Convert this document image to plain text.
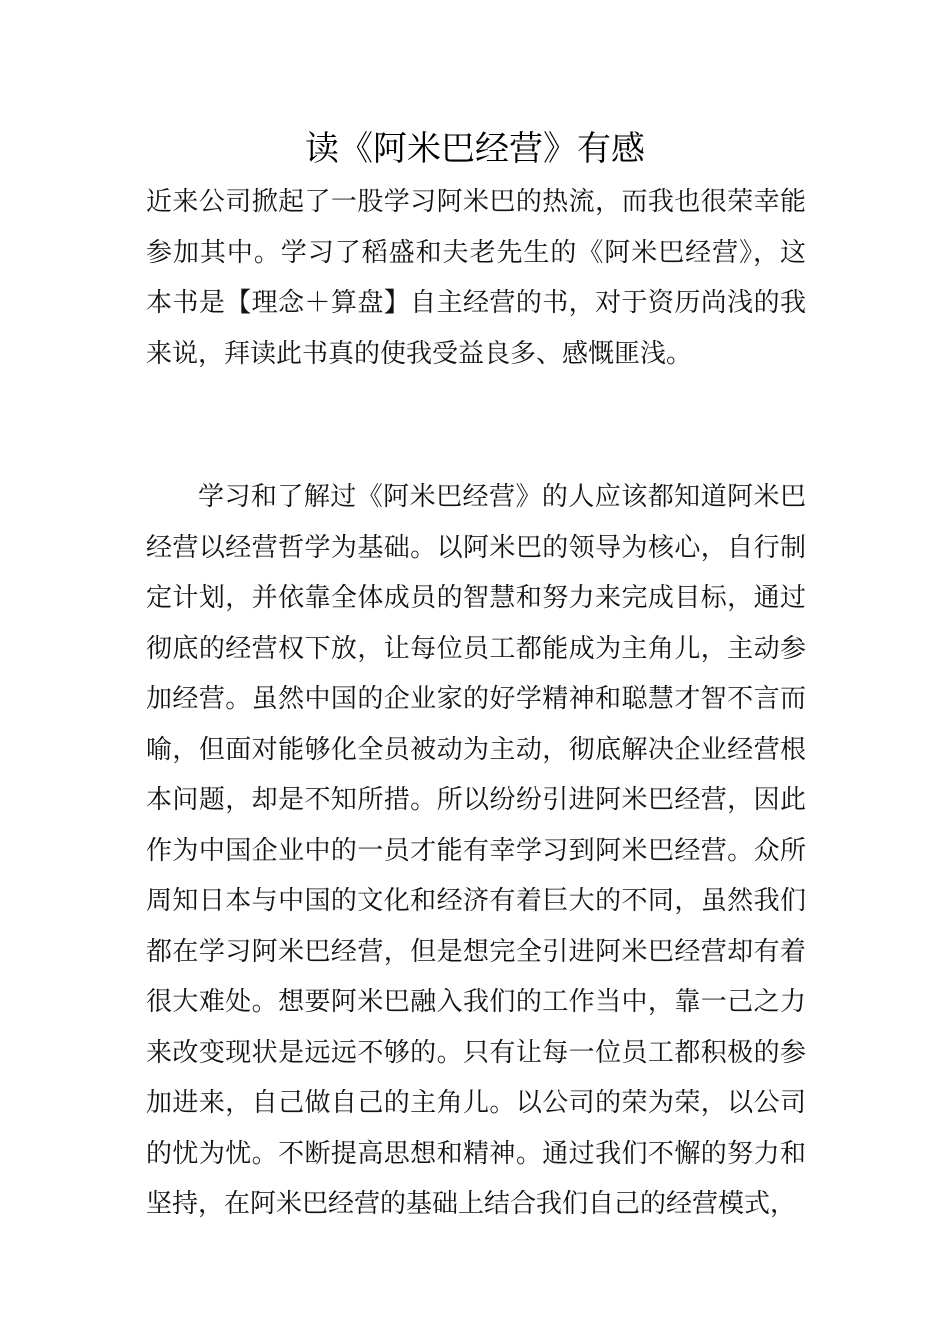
读《阿米巴经营》有感

近来公司掀起了一股学习阿米巴的热流，而我也很荣幸能参加其中。学习了稻盛和夫老先生的《阿米巴经营》，这本书是【理念＋算盘】自主经营的书，对于资历尚浅的我来说，拜读此书真的使我受益良多、感慨匪浅。

学习和了解过《阿米巴经营》的人应该都知道阿米巴经营以经营哲学为基础。以阿米巴的领导为核心，自行制定计划，并依靠全体成员的智慧和努力来完成目标，通过彻底的经营权下放，让每位员工都能成为主角儿，主动参加经营。虽然中国的企业家的好学精神和聪慧才智不言而喻，但面对能够化全员被动为主动，彻底解决企业经营根本问题，却是不知所措。所以纷纷引进阿米巴经营，因此作为中国企业中的一员才能有幸学习到阿米巴经营。众所周知日本与中国的文化和经济有着巨大的不同，虽然我们都在学习阿米巴经营，但是想完全引进阿米巴经营却有着很大难处。想要阿米巴融入我们的工作当中，靠一己之力来改变现状是远远不够的。只有让每一位员工都积极的参加进来，自己做自己的主角儿。以公司的荣为荣，以公司的忧为忧。不断提高思想和精神。通过我们不懈的努力和坚持，在阿米巴经营的基础上结合我们自己的经营模式，
